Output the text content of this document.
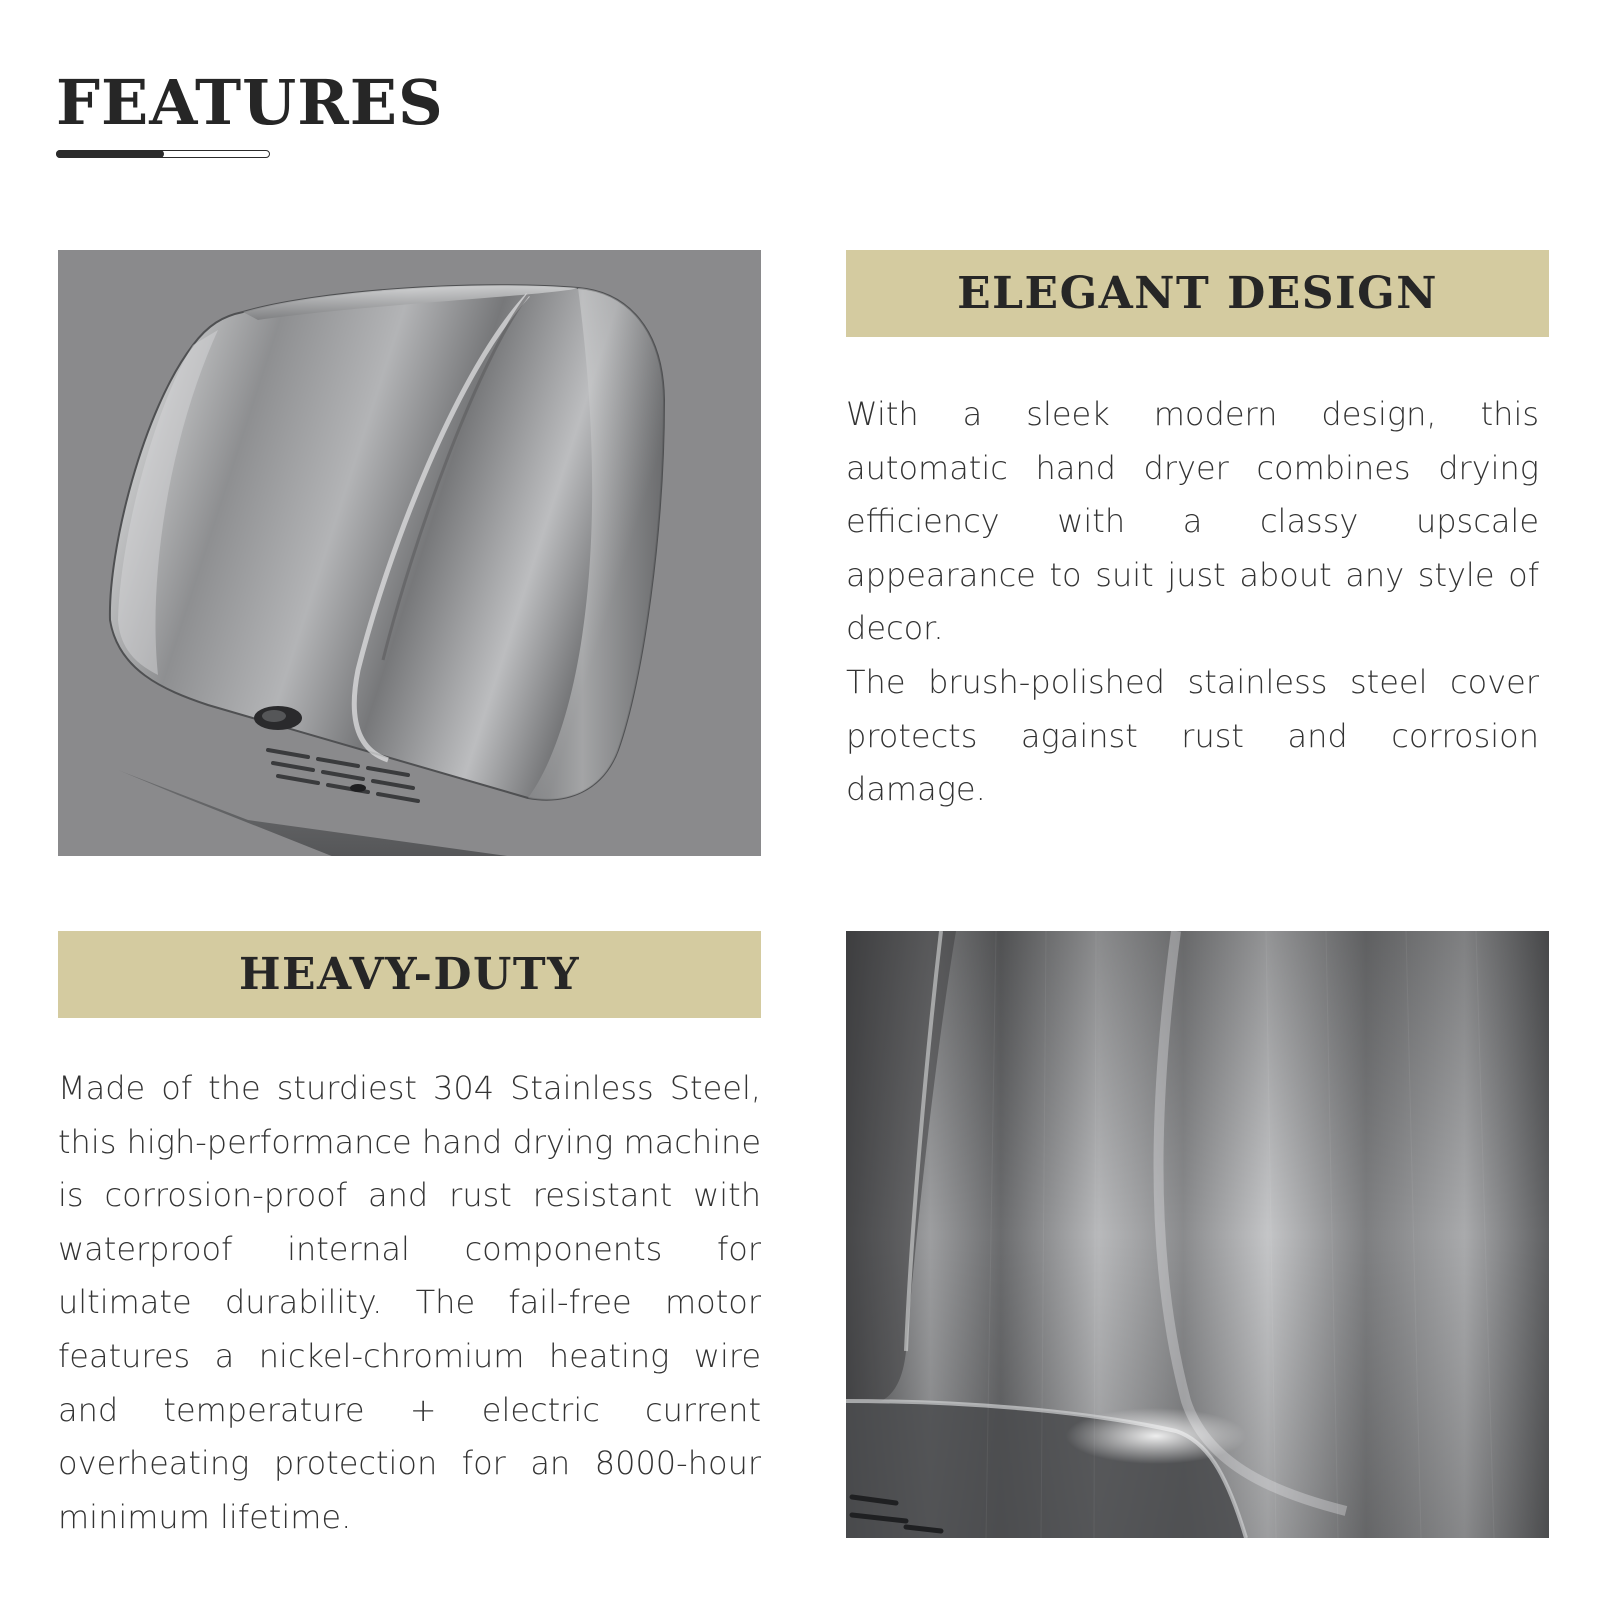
FEATURES
ELEGANT DESIGN

With a sleek modern design, this automatic hand dryer combines drying efficiency with a classy upscale appearance to suit just about any style of decor.

The brush-polished stainless steel cover protects against rust and corrosion damage.

HEAVY-DUTY

Made of the sturdiest 304 Stainless Steel, this high-performance hand drying machine is corrosion-proof and rust resistant with waterproof internal components for ultimate durability. The fail-free motor features a nickel-chromium heating wire and temperature + electric current overheating protection for an 8000-hour minimum lifetime.
